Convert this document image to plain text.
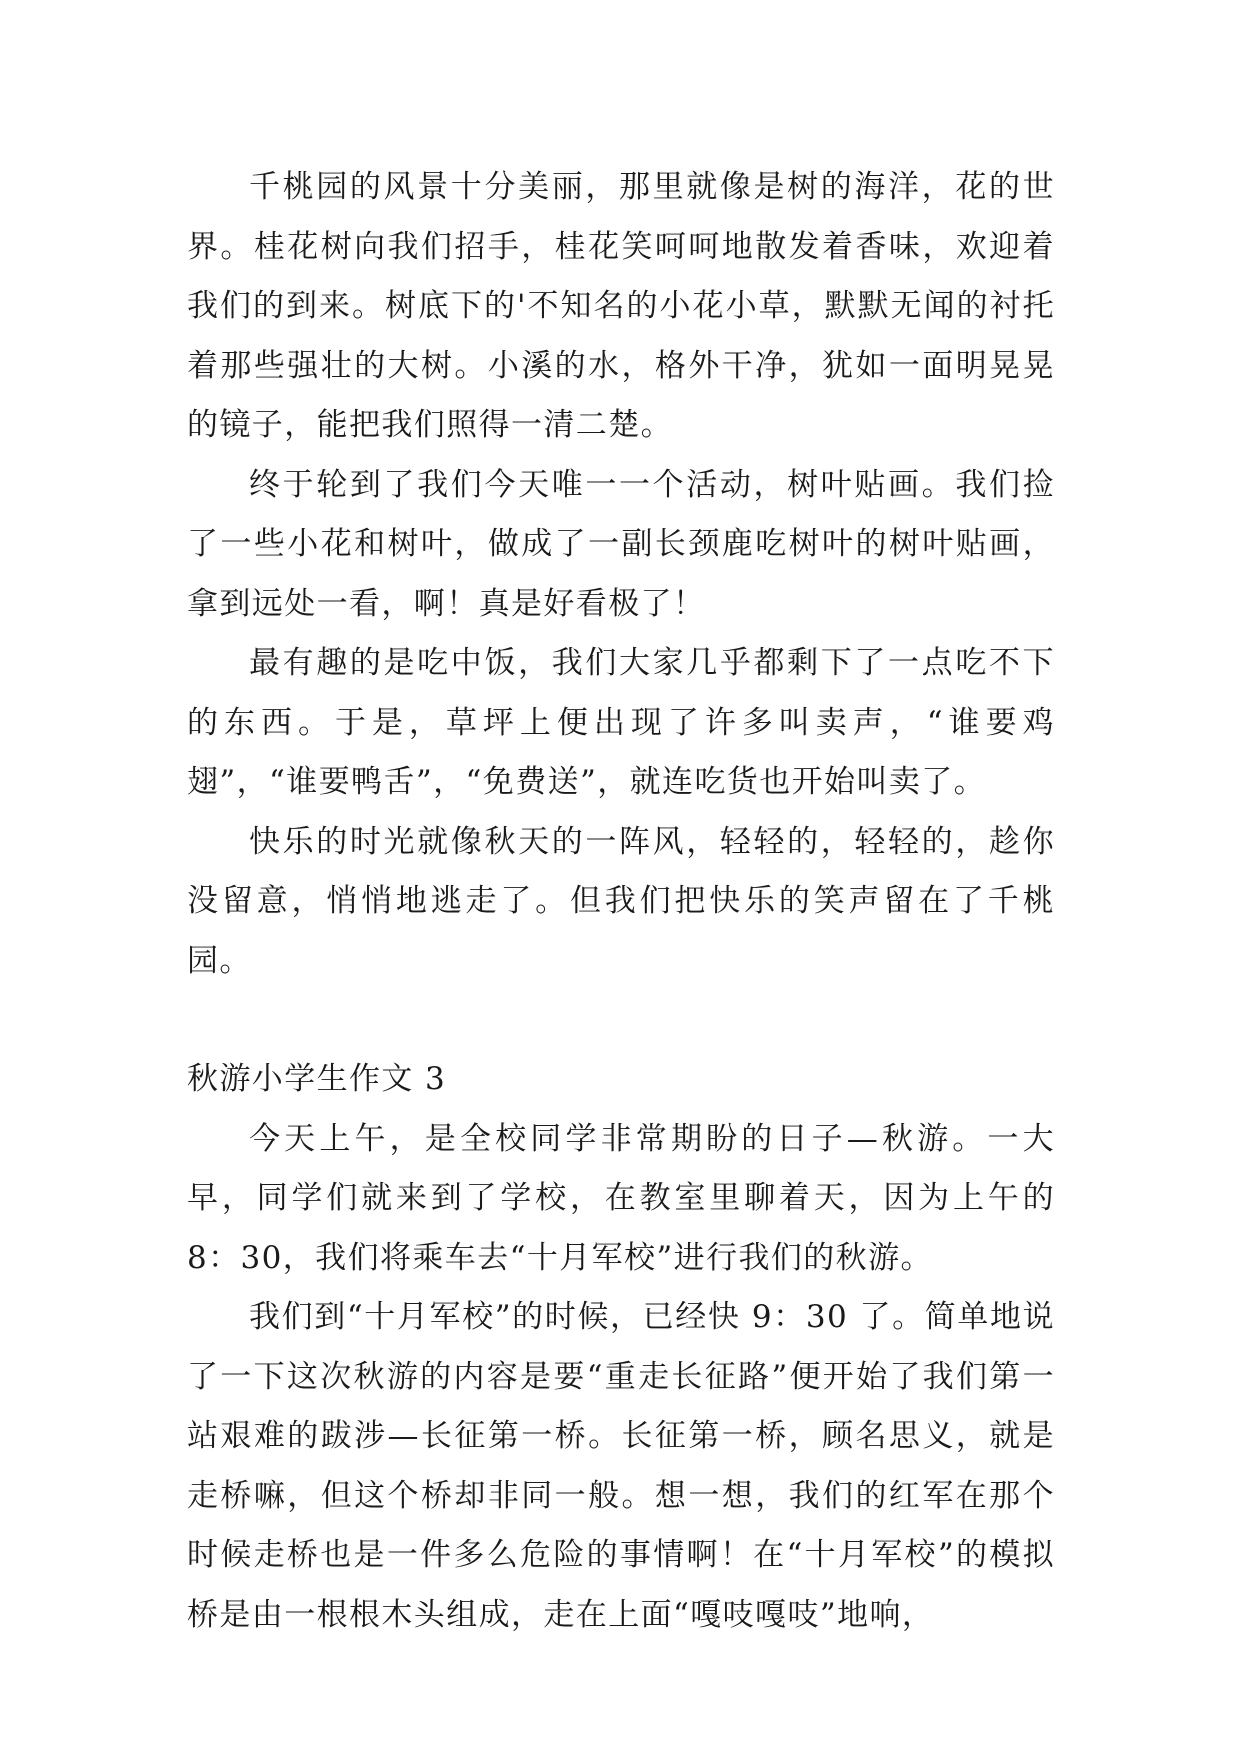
千桃园的风景十分美丽，那里就像是树的海洋，花的世界。桂花树向我们招手，桂花笑呵呵地散发着香味，欢迎着我们的到来。树底下的'不知名的小花小草，默默无闻的衬托着那些强壮的大树。小溪的水，格外干净，犹如一面明晃晃的镜子，能把我们照得一清二楚。

终于轮到了我们今天唯一一个活动，树叶贴画。我们捡了一些小花和树叶，做成了一副长颈鹿吃树叶的树叶贴画，拿到远处一看，啊！真是好看极了！

最有趣的是吃中饭，我们大家几乎都剩下了一点吃不下的东西。于是，草坪上便出现了许多叫卖声，“谁要鸡翅”，“谁要鸭舌”，“免费送”，就连吃货也开始叫卖了。

快乐的时光就像秋天的一阵风，轻轻的，轻轻的，趁你没留意，悄悄地逃走了。但我们把快乐的笑声留在了千桃园。

秋游小学生作文 3

今天上午，是全校同学非常期盼的日子—秋游。一大早，同学们就来到了学校，在教室里聊着天，因为上午的 8：30，我们将乘车去“十月军校”进行我们的秋游。

我们到“十月军校”的时候，已经快 9：30 了。简单地说了一下这次秋游的内容是要“重走长征路”便开始了我们第一站艰难的跋涉—长征第一桥。长征第一桥，顾名思义，就是走桥嘛，但这个桥却非同一般。想一想，我们的红军在那个时候走桥也是一件多么危险的事情啊！在“十月军校”的模拟桥是由一根根木头组成，走在上面“嘎吱嘎吱”地响，
